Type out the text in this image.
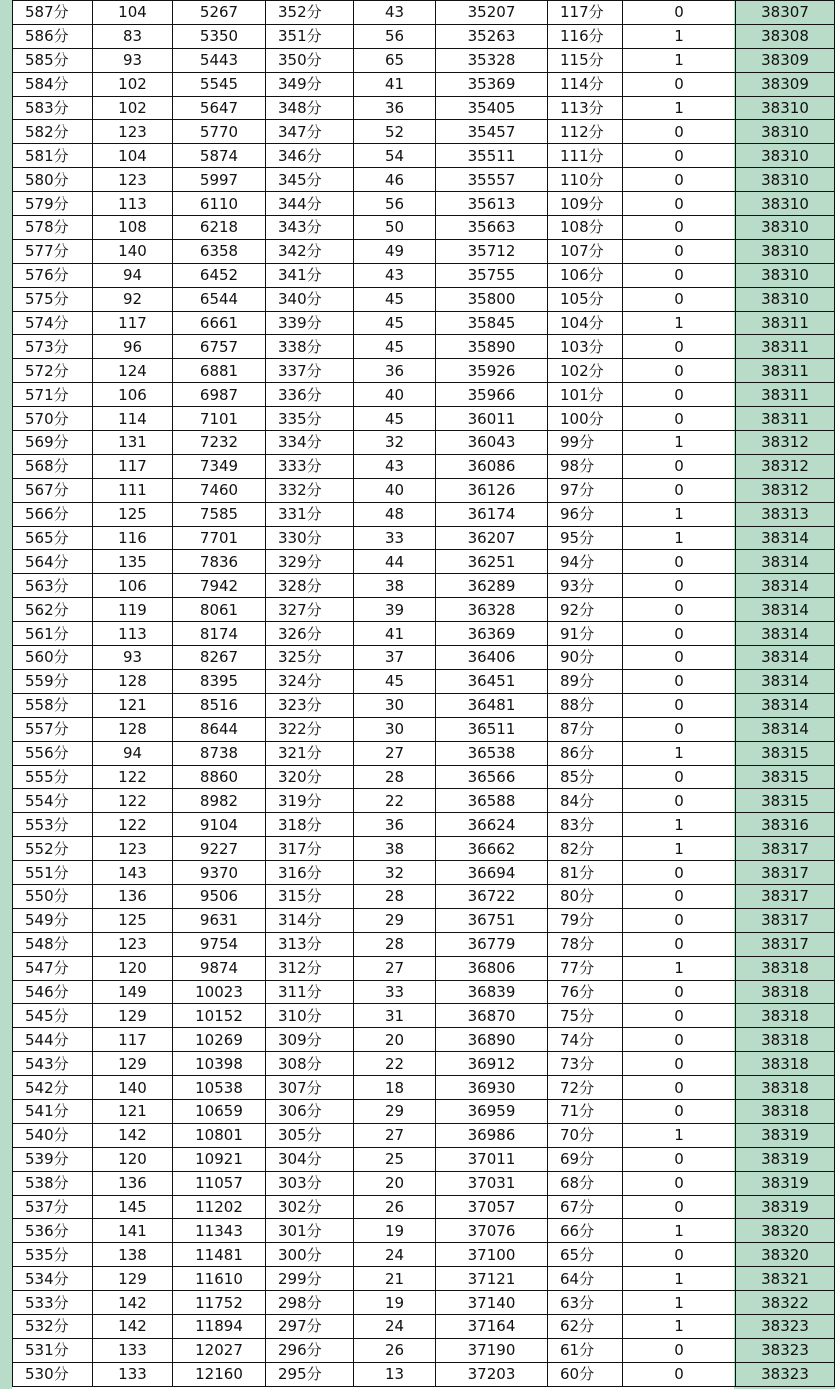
587分	104	5267	352分	43	35207	117分	0	38307
586分	83	5350	351分	56	35263	116分	1	38308
585分	93	5443	350分	65	35328	115分	1	38309
584分	102	5545	349分	41	35369	114分	0	38309
583分	102	5647	348分	36	35405	113分	1	38310
582分	123	5770	347分	52	35457	112分	0	38310
581分	104	5874	346分	54	35511	111分	0	38310
580分	123	5997	345分	46	35557	110分	0	38310
579分	113	6110	344分	56	35613	109分	0	38310
578分	108	6218	343分	50	35663	108分	0	38310
577分	140	6358	342分	49	35712	107分	0	38310
576分	94	6452	341分	43	35755	106分	0	38310
575分	92	6544	340分	45	35800	105分	0	38310
574分	117	6661	339分	45	35845	104分	1	38311
573分	96	6757	338分	45	35890	103分	0	38311
572分	124	6881	337分	36	35926	102分	0	38311
571分	106	6987	336分	40	35966	101分	0	38311
570分	114	7101	335分	45	36011	100分	0	38311
569分	131	7232	334分	32	36043	99分	1	38312
568分	117	7349	333分	43	36086	98分	0	38312
567分	111	7460	332分	40	36126	97分	0	38312
566分	125	7585	331分	48	36174	96分	1	38313
565分	116	7701	330分	33	36207	95分	1	38314
564分	135	7836	329分	44	36251	94分	0	38314
563分	106	7942	328分	38	36289	93分	0	38314
562分	119	8061	327分	39	36328	92分	0	38314
561分	113	8174	326分	41	36369	91分	0	38314
560分	93	8267	325分	37	36406	90分	0	38314
559分	128	8395	324分	45	36451	89分	0	38314
558分	121	8516	323分	30	36481	88分	0	38314
557分	128	8644	322分	30	36511	87分	0	38314
556分	94	8738	321分	27	36538	86分	1	38315
555分	122	8860	320分	28	36566	85分	0	38315
554分	122	8982	319分	22	36588	84分	0	38315
553分	122	9104	318分	36	36624	83分	1	38316
552分	123	9227	317分	38	36662	82分	1	38317
551分	143	9370	316分	32	36694	81分	0	38317
550分	136	9506	315分	28	36722	80分	0	38317
549分	125	9631	314分	29	36751	79分	0	38317
548分	123	9754	313分	28	36779	78分	0	38317
547分	120	9874	312分	27	36806	77分	1	38318
546分	149	10023	311分	33	36839	76分	0	38318
545分	129	10152	310分	31	36870	75分	0	38318
544分	117	10269	309分	20	36890	74分	0	38318
543分	129	10398	308分	22	36912	73分	0	38318
542分	140	10538	307分	18	36930	72分	0	38318
541分	121	10659	306分	29	36959	71分	0	38318
540分	142	10801	305分	27	36986	70分	1	38319
539分	120	10921	304分	25	37011	69分	0	38319
538分	136	11057	303分	20	37031	68分	0	38319
537分	145	11202	302分	26	37057	67分	0	38319
536分	141	11343	301分	19	37076	66分	1	38320
535分	138	11481	300分	24	37100	65分	0	38320
534分	129	11610	299分	21	37121	64分	1	38321
533分	142	11752	298分	19	37140	63分	1	38322
532分	142	11894	297分	24	37164	62分	1	38323
531分	133	12027	296分	26	37190	61分	0	38323
530分	133	12160	295分	13	37203	60分	0	38323
